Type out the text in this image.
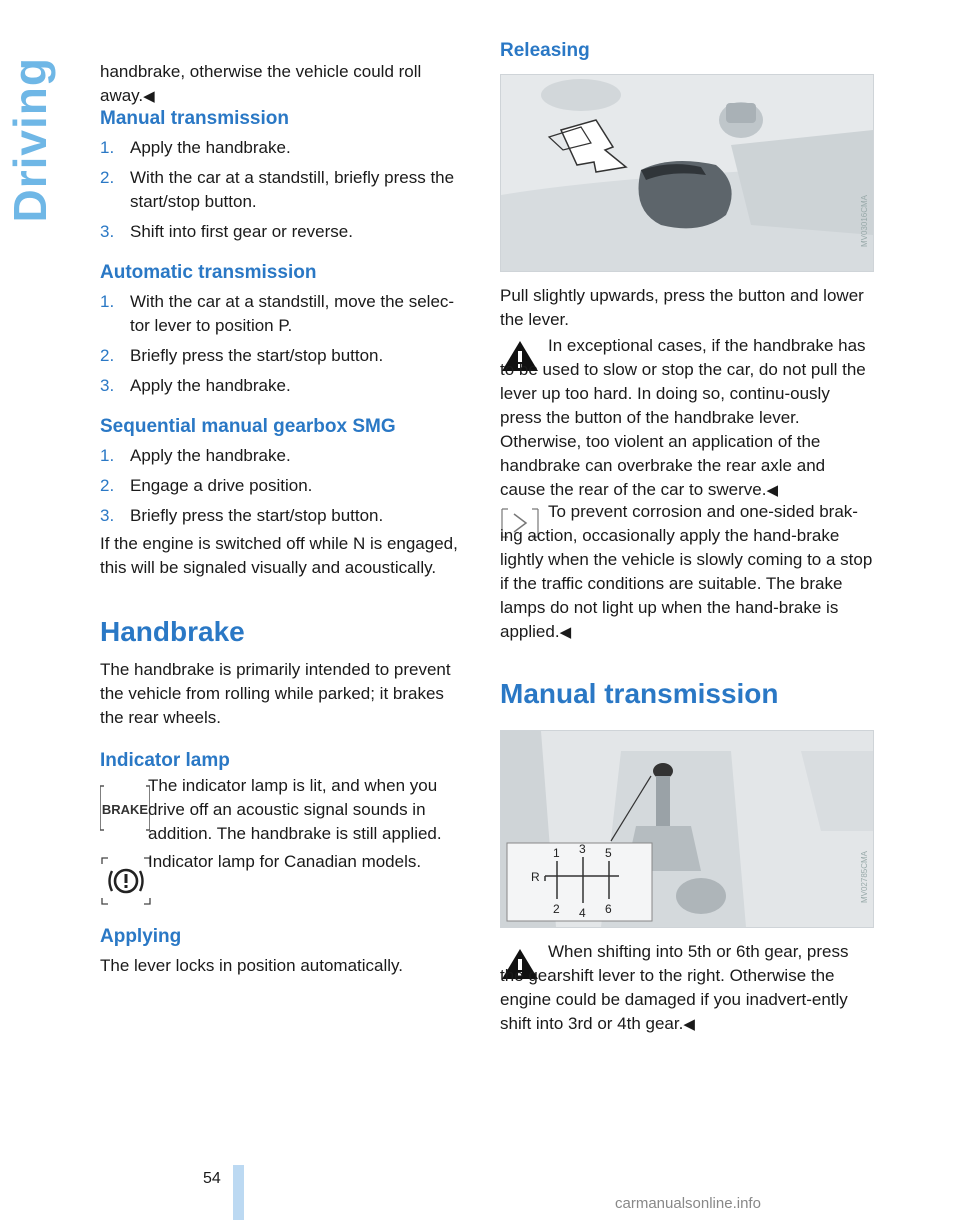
Driving	handbrake, otherwise the vehicle could roll away.◀

Manual transmission
1. Apply the handbrake.
2. With the car at a standstill, briefly press the start/stop button.
3. Shift into first gear or reverse.
Automatic transmission
1. With the car at a standstill, move the selec-tor lever to position P.
2. Briefly press the start/stop button.
3. Apply the handbrake.
Sequential manual gearbox SMG
1. Apply the handbrake.
2. Engage a drive position.
3. Briefly press the start/stop button.

If the engine is switched off while N is engaged, this will be signaled visually and acoustically.

Handbrake

The handbrake is primarily intended to prevent the vehicle from rolling while parked; it brakes the rear wheels.

Indicator lamp
BRAKE

The indicator lamp is lit, and when you drive off an acoustic signal sounds in addition. The handbrake is still applied.

Indicator lamp for Canadian models.

Applying

The lever locks in position automatically.

Releasing
MV03016CMA

Pull slightly upwards, press the button and lower the lever.

In exceptional cases, if the handbrake has to be used to slow or stop the car, do not pull the lever up too hard. In doing so, continu-ously press the button of the handbrake lever. Otherwise, too violent an application of the handbrake can overbrake the rear axle and cause the rear of the car to swerve.◀

To prevent corrosion and one-sided brak-ing action, occasionally apply the hand-brake lightly when the vehicle is slowly coming to a stop if the traffic conditions are suitable. The brake lamps do not light up when the hand-brake is applied.◀

Manual transmission
R
1
2
3
4
5
6
MV02785CMA

When shifting into 5th or 6th gear, press the gearshift lever to the right. Otherwise the engine could be damaged if you inadvert-ently shift into 3rd or 4th gear.◀

54
carmanualsonline.info
